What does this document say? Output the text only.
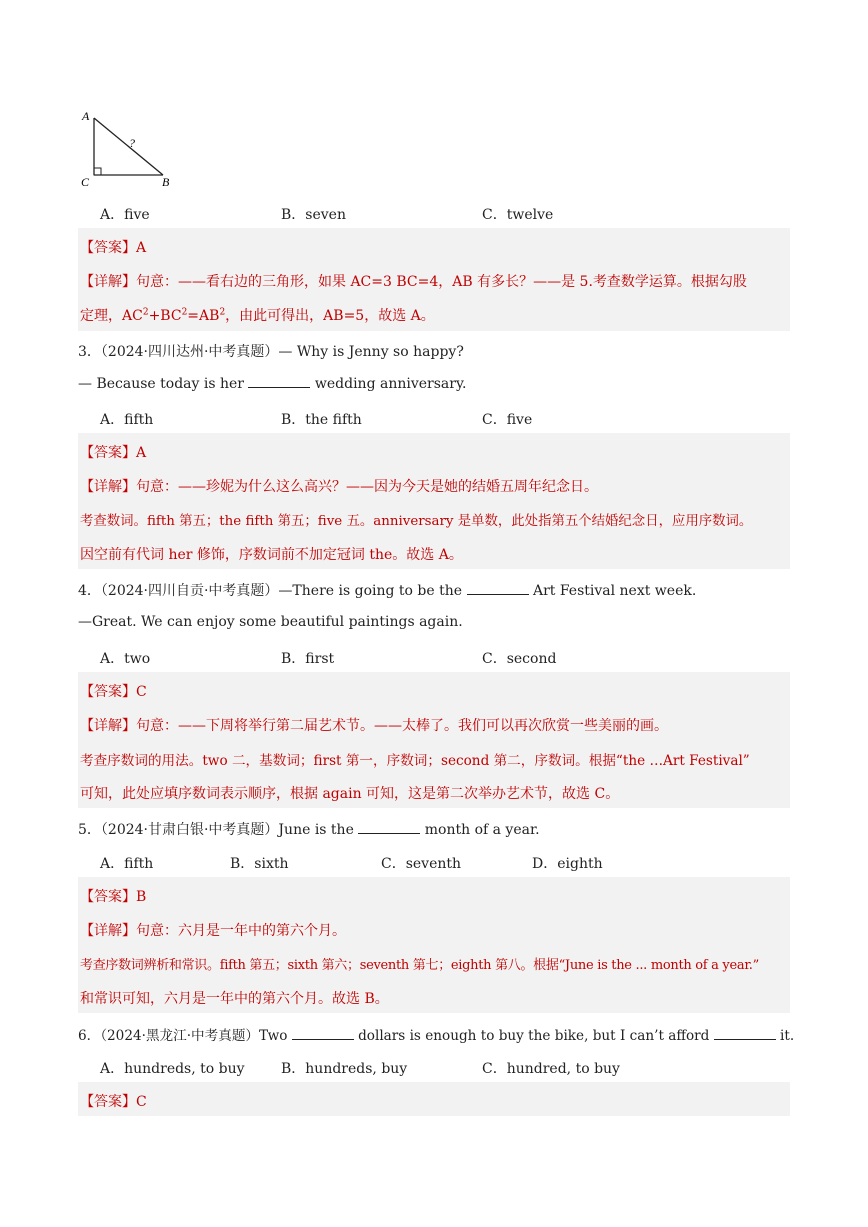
A
C	B
?
A．five	B．seven	C．twelve
【答案】A
【详解】句意：——看右边的三角形，如果 AC=3 BC=4，AB 有多长？——是 5.考查数学运算。根据勾股
定理，$AC^2+BC^2=AB^2$，由此可得出，AB=5，故选 A。
3．（2024·四川达州·中考真题）— Why is Jenny so happy?
— Because today is her	wedding anniversary.
A．fifth	B．the fifth	C．five
【答案】A
【详解】句意：——珍妮为什么这么高兴？——因为今天是她的结婚五周年纪念日。
考查数词。fifth 第五；the fifth 第五；five 五。anniversary 是单数，此处指第五个结婚纪念日，应用序数词。
因空前有代词 her 修饰，序数词前不加定冠词 the。故选 A。
4．（2024·四川自贡·中考真题）—There is going to be the	Art Festival next week.
—Great. We can enjoy some beautiful paintings again.
A．two	B．first	C．second
【答案】C
【详解】句意：——下周将举行第二届艺术节。——太棒了。我们可以再次欣赏一些美丽的画。
考查序数词的用法。two 二，基数词；first 第一，序数词；second 第二，序数词。根据“the …Art Festival”
可知，此处应填序数词表示顺序，根据 again 可知，这是第二次举办艺术节，故选 C。
5．（2024·甘肃白银·中考真题）June is the	month of a year.
A．fifth	B．sixth	C．seventh	D．eighth
【答案】B
【详解】句意：六月是一年中的第六个月。
考查序数词辨析和常识。fifth 第五；sixth 第六；seventh 第七；eighth 第八。根据“June is the ... month of a year.”
和常识可知，六月是一年中的第六个月。故选 B。
6．（2024·黑龙江·中考真题）Two	dollars is enough to buy the bike, but I can’t afford	it.
A．hundreds, to buy	B．hundreds, buy	C．hundred, to buy
【答案】C
